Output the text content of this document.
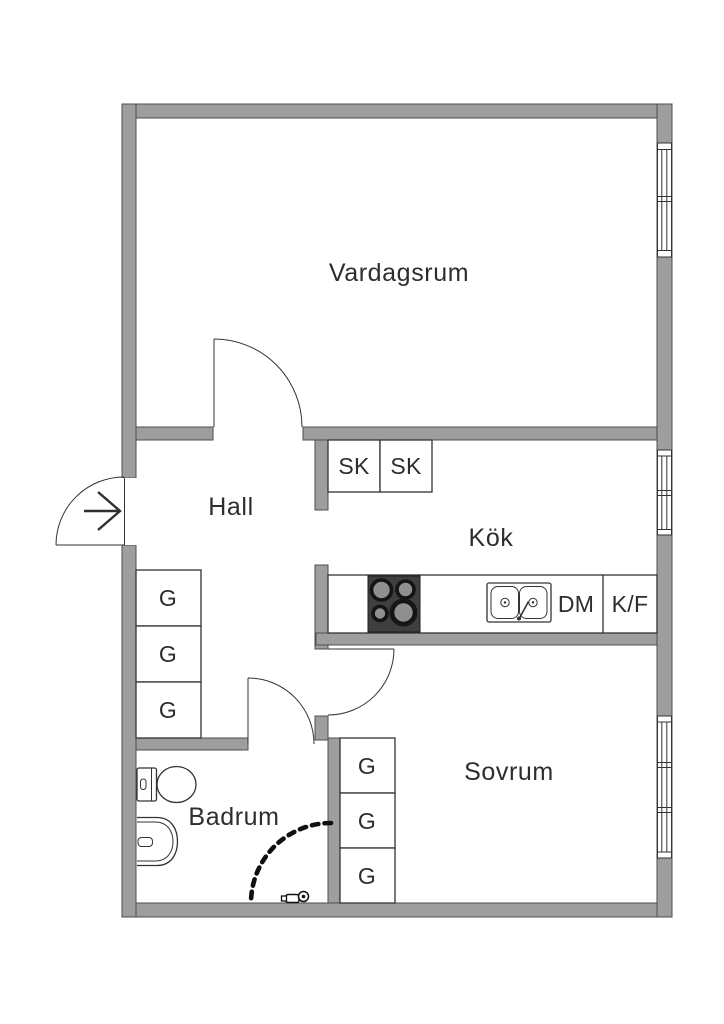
SK SK
G
G
G
G
G
G
DM K/F
Vardagsrum
Hall
Kök
Sovrum
Badrum
